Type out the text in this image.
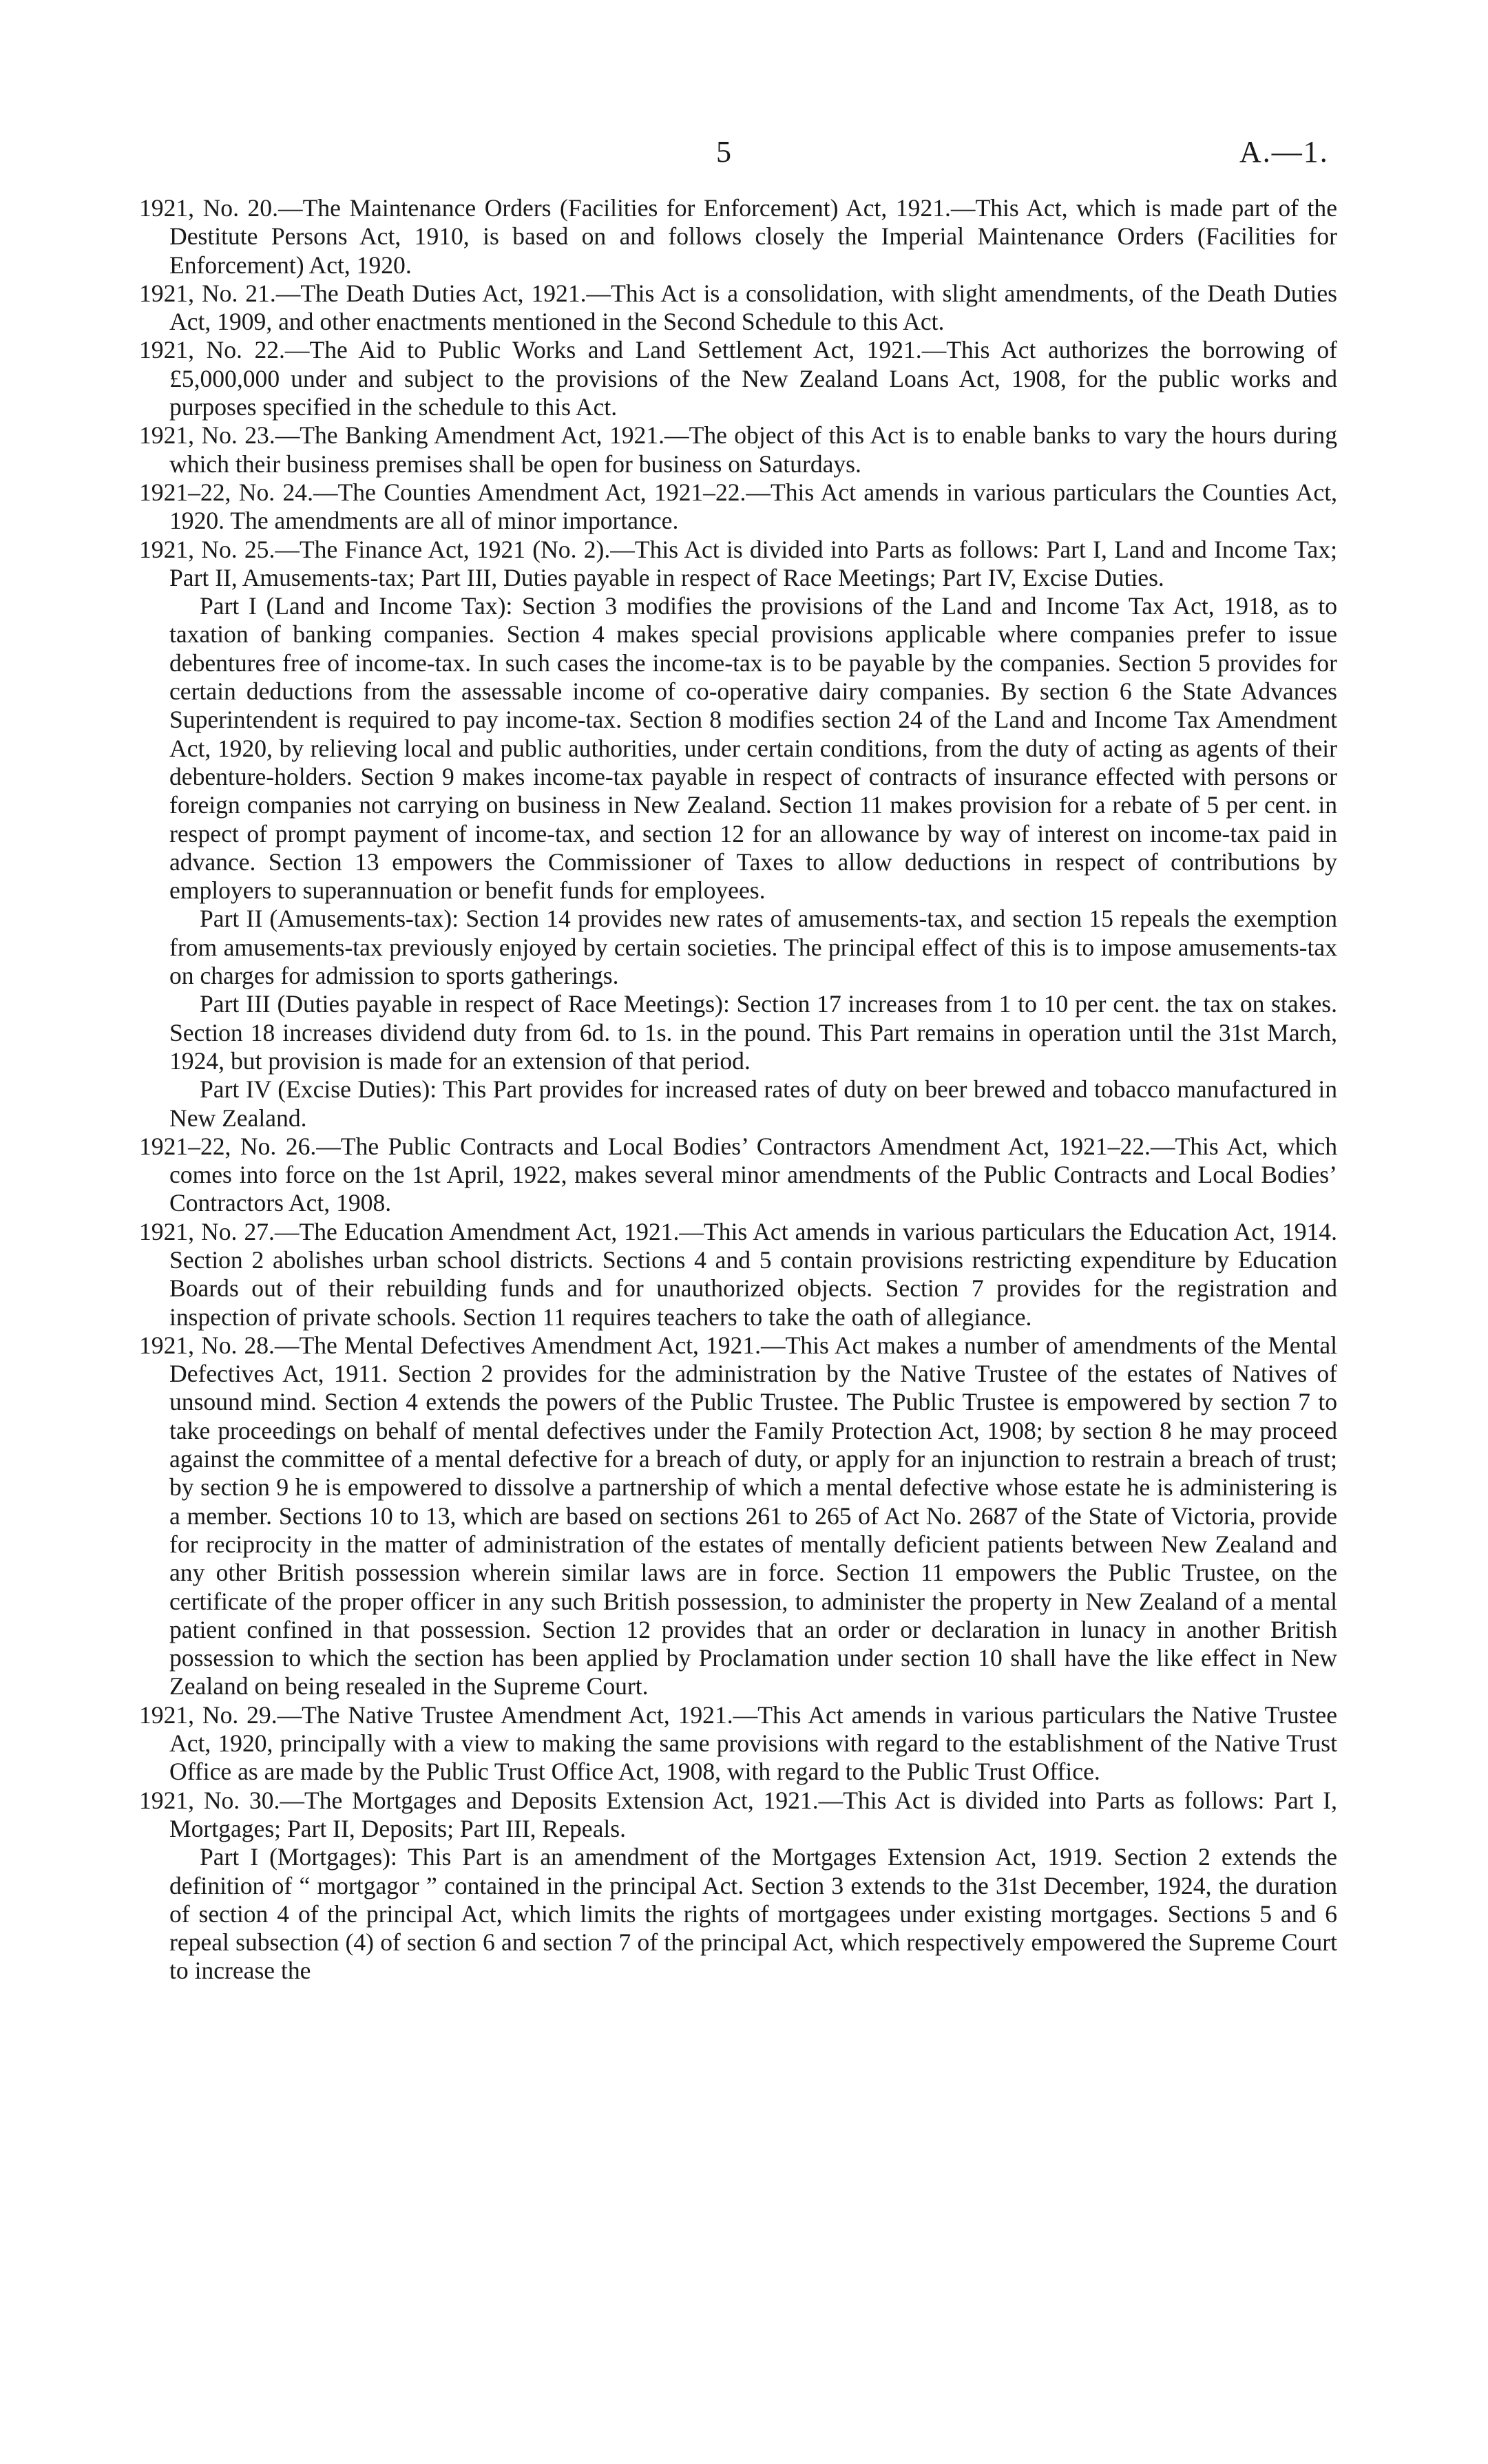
5	A.—1.

1921, No. 20.—The Maintenance Orders (Facilities for Enforcement) Act, 1921.—This Act, which is made part of the Destitute Persons Act, 1910, is based on and follows closely the Imperial Maintenance Orders (Facilities for Enforcement) Act, 1920.

1921, No. 21.—The Death Duties Act, 1921.—This Act is a consolidation, with slight amendments, of the Death Duties Act, 1909, and other enactments mentioned in the Second Schedule to this Act.

1921, No. 22.—The Aid to Public Works and Land Settlement Act, 1921.—This Act authorizes the borrowing of £5,000,000 under and subject to the provisions of the New Zealand Loans Act, 1908, for the public works and purposes specified in the schedule to this Act.

1921, No. 23.—The Banking Amendment Act, 1921.—The object of this Act is to enable banks to vary the hours during which their business premises shall be open for business on Saturdays.

1921–22, No. 24.—The Counties Amendment Act, 1921–22.—This Act amends in various particulars the Counties Act, 1920. The amendments are all of minor importance.

1921, No. 25.—The Finance Act, 1921 (No. 2).—This Act is divided into Parts as follows: Part I, Land and Income Tax; Part II, Amusements-tax; Part III, Duties payable in respect of Race Meetings; Part IV, Excise Duties.

Part I (Land and Income Tax): Section 3 modifies the provisions of the Land and Income Tax Act, 1918, as to taxation of banking companies. Section 4 makes special provisions applicable where companies prefer to issue debentures free of income-tax. In such cases the income-tax is to be payable by the companies. Section 5 provides for certain deductions from the assessable income of co-operative dairy companies. By section 6 the State Advances Superintendent is required to pay income-tax. Section 8 modifies section 24 of the Land and Income Tax Amendment Act, 1920, by relieving local and public authorities, under certain conditions, from the duty of acting as agents of their debenture-holders. Section 9 makes income-tax payable in respect of contracts of insurance effected with persons or foreign companies not carrying on business in New Zealand. Section 11 makes provision for a rebate of 5 per cent. in respect of prompt payment of income-tax, and section 12 for an allowance by way of interest on income-tax paid in advance. Section 13 empowers the Commissioner of Taxes to allow deductions in respect of contributions by employers to superannuation or benefit funds for employees.

Part II (Amusements-tax): Section 14 provides new rates of amusements-tax, and section 15 repeals the exemption from amusements-tax previously enjoyed by certain societies. The principal effect of this is to impose amusements-tax on charges for admission to sports gatherings.

Part III (Duties payable in respect of Race Meetings): Section 17 increases from 1 to 10 per cent. the tax on stakes. Section 18 increases dividend duty from 6d. to 1s. in the pound. This Part remains in operation until the 31st March, 1924, but provision is made for an extension of that period.

Part IV (Excise Duties): This Part provides for increased rates of duty on beer brewed and tobacco manufactured in New Zealand.

1921–22, No. 26.—The Public Contracts and Local Bodies’ Contractors Amendment Act, 1921–22.—This Act, which comes into force on the 1st April, 1922, makes several minor amendments of the Public Contracts and Local Bodies’ Contractors Act, 1908.

1921, No. 27.—The Education Amendment Act, 1921.—This Act amends in various particulars the Education Act, 1914. Section 2 abolishes urban school districts. Sections 4 and 5 contain provisions restricting expenditure by Education Boards out of their rebuilding funds and for unauthorized objects. Section 7 provides for the registration and inspection of private schools. Section 11 requires teachers to take the oath of allegiance.

1921, No. 28.—The Mental Defectives Amendment Act, 1921.—This Act makes a number of amendments of the Mental Defectives Act, 1911. Section 2 provides for the administration by the Native Trustee of the estates of Natives of unsound mind. Section 4 extends the powers of the Public Trustee. The Public Trustee is empowered by section 7 to take proceedings on behalf of mental defectives under the Family Protection Act, 1908; by section 8 he may proceed against the committee of a mental defective for a breach of duty, or apply for an injunction to restrain a breach of trust; by section 9 he is empowered to dissolve a partnership of which a mental defective whose estate he is administering is a member. Sections 10 to 13, which are based on sections 261 to 265 of Act No. 2687 of the State of Victoria, provide for reciprocity in the matter of administration of the estates of mentally deficient patients between New Zealand and any other British possession wherein similar laws are in force. Section 11 empowers the Public Trustee, on the certificate of the proper officer in any such British possession, to administer the property in New Zealand of a mental patient confined in that possession. Section 12 provides that an order or declaration in lunacy in another British possession to which the section has been applied by Proclamation under section 10 shall have the like effect in New Zealand on being resealed in the Supreme Court.

1921, No. 29.—The Native Trustee Amendment Act, 1921.—This Act amends in various particulars the Native Trustee Act, 1920, principally with a view to making the same provisions with regard to the establishment of the Native Trust Office as are made by the Public Trust Office Act, 1908, with regard to the Public Trust Office.

1921, No. 30.—The Mortgages and Deposits Extension Act, 1921.—This Act is divided into Parts as follows: Part I, Mortgages; Part II, Deposits; Part III, Repeals.

Part I (Mortgages): This Part is an amendment of the Mortgages Extension Act, 1919. Section 2 extends the definition of “ mortgagor ” contained in the principal Act. Section 3 extends to the 31st December, 1924, the duration of section 4 of the principal Act, which limits the rights of mortgagees under existing mortgages. Sections 5 and 6 repeal subsection (4) of section 6 and section 7 of the principal Act, which respectively empowered the Supreme Court to increase the
